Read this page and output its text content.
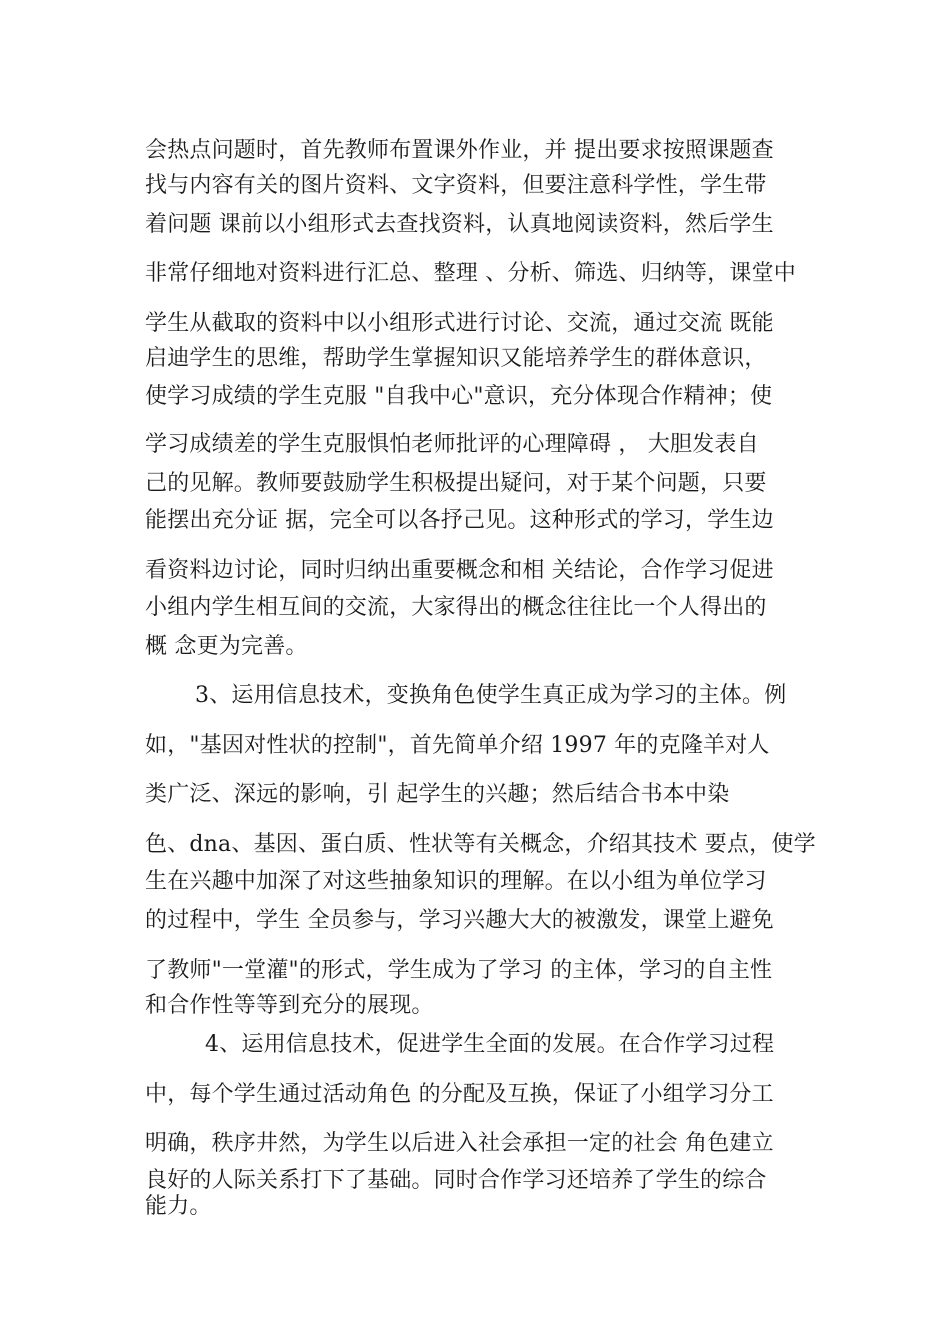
会热点问题时，首先教师布置课外作业，并 提出要求按照课题查
找与内容有关的图片资料、文字资料，但要注意科学性，学生带
着问题 课前以小组形式去查找资料，认真地阅读资料，然后学生
非常仔细地对资料进行汇总、整理 、分析、筛选、归纳等，课堂中
学生从截取的资料中以小组形式进行讨论、交流，通过交流 既能
启迪学生的思维，帮助学生掌握知识又能培养学生的群体意识，
使学习成绩的学生克服 "自我中心"意识，充分体现合作精神；使
学习成绩差的学生克服惧怕老师批评的心理障碍 ， 大胆发表自
己的见解。教师要鼓励学生积极提出疑问，对于某个问题，只要
能摆出充分证 据，完全可以各抒己见。这种形式的学习，学生边
看资料边讨论，同时归纳出重要概念和相 关结论，合作学习促进
小组内学生相互间的交流，大家得出的概念往往比一个人得出的
概 念更为完善。
3、运用信息技术，变换角色使学生真正成为学习的主体。例
如，"基因对性状的控制"，首先简单介绍 1997 年的克隆羊对人
类广泛、深远的影响，引 起学生的兴趣；然后结合书本中染
色、dna、基因、蛋白质、性状等有关概念，介绍其技术 要点，使学
生在兴趣中加深了对这些抽象知识的理解。在以小组为单位学习
的过程中，学生 全员参与，学习兴趣大大的被激发，课堂上避免
了教师"一堂灌"的形式，学生成为了学习 的主体，学习的自主性
和合作性等等到充分的展现。
4、运用信息技术，促进学生全面的发展。在合作学习过程
中，每个学生通过活动角色 的分配及互换，保证了小组学习分工
明确，秩序井然，为学生以后进入社会承担一定的社会 角色建立
良好的人际关系打下了基础。同时合作学习还培养了学生的综合
能力。
